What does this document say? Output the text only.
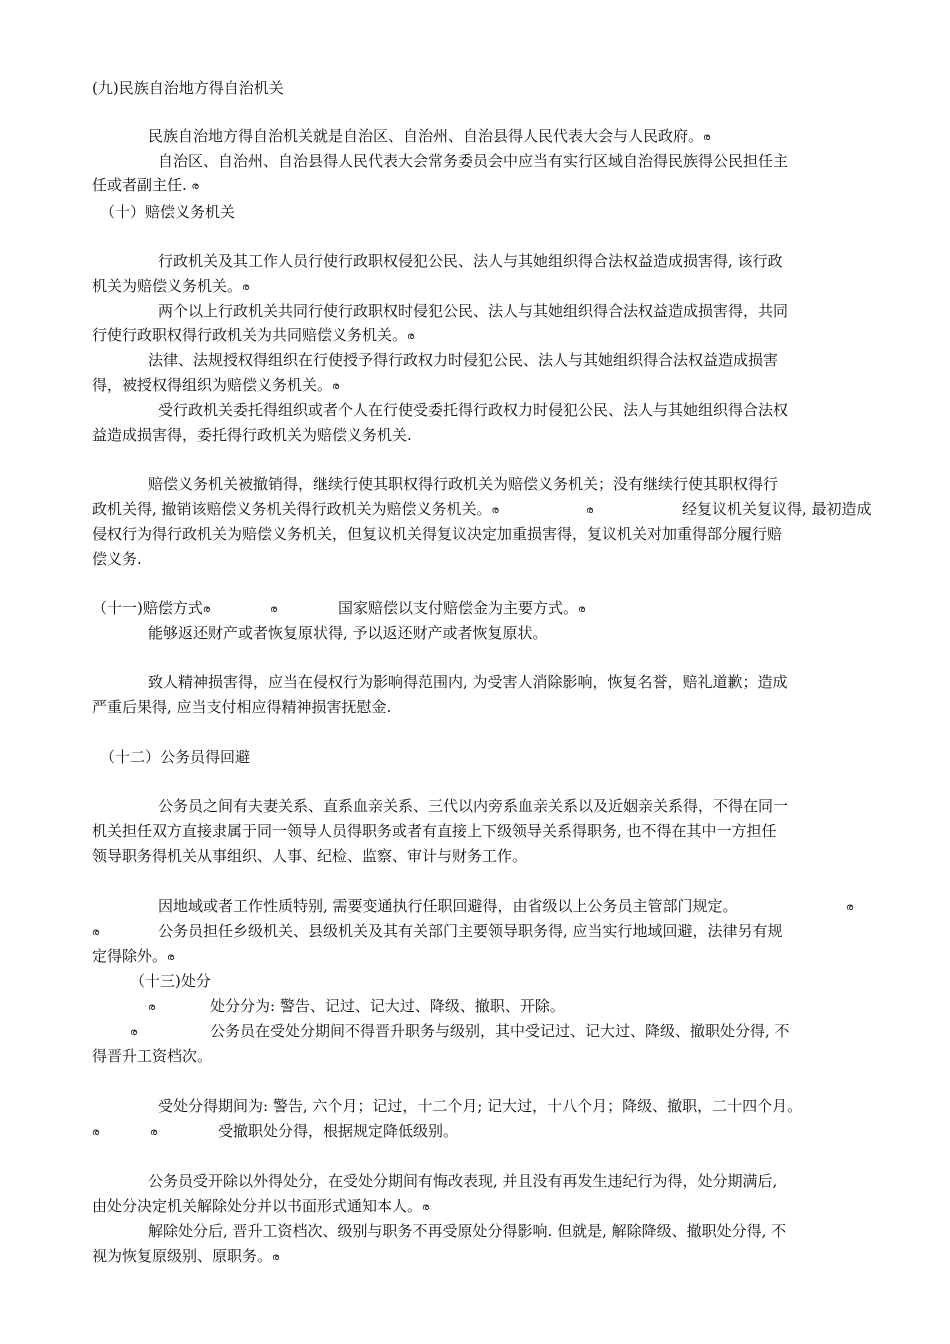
(九)民族自治地方得自治机关
民族自治地方得自治机关就是自治区、自治州、自治县得人民代表大会与人民政府。ര
自治区、自治州、自治县得人民代表大会常务委员会中应当有实行区域自治得民族得公民担任主
任或者副主任. ര
（十）赔偿义务机关
行政机关及其工作人员行使行政职权侵犯公民、法人与其她组织得合法权益造成损害得, 该行政
机关为赔偿义务机关。ര
两个以上行政机关共同行使行政职权时侵犯公民、法人与其她组织得合法权益造成损害得，共同
行使行政职权得行政机关为共同赔偿义务机关。ര
法律、法规授权得组织在行使授予得行政权力时侵犯公民、法人与其她组织得合法权益造成损害
得，被授权得组织为赔偿义务机关。ര
受行政机关委托得组织或者个人在行使受委托得行政权力时侵犯公民、法人与其她组织得合法权
益造成损害得，委托得行政机关为赔偿义务机关.
赔偿义务机关被撤销得，继续行使其职权得行政机关为赔偿义务机关；没有继续行使其职权得行
政机关得, 撤销该赔偿义务机关得行政机关为赔偿义务机关。ര	ര	经复议机关复议得, 最初造成
侵权行为得行政机关为赔偿义务机关，但复议机关得复议决定加重损害得，复议机关对加重得部分履行赔
偿义务.
（十一)赔偿方式ര	ര	国家赔偿以支付赔偿金为主要方式。ര
能够返还财产或者恢复原状得, 予以返还财产或者恢复原状。
致人精神损害得，应当在侵权行为影响得范围内, 为受害人消除影响，恢复名誉，赔礼道歉；造成
严重后果得, 应当支付相应得精神损害抚慰金.
（十二）公务员得回避
公务员之间有夫妻关系、直系血亲关系、三代以内旁系血亲关系以及近姻亲关系得，不得在同一
机关担任双方直接隶属于同一领导人员得职务或者有直接上下级领导关系得职务, 也不得在其中一方担任
领导职务得机关从事组织、人事、纪检、监察、审计与财务工作。
因地域或者工作性质特别, 需要变通执行任职回避得，由省级以上公务员主管部门规定。	ര
ര	公务员担任乡级机关、县级机关及其有关部门主要领导职务得, 应当实行地域回避，法律另有规
定得除外。ര
（十三)处分
ര	处分分为: 警告、记过、记大过、降级、撤职、开除。
ര	公务员在受处分期间不得晋升职务与级别，其中受记过、记大过、降级、撤职处分得, 不
得晋升工资档次。
受处分得期间为: 警告, 六个月；记过，十二个月; 记大过，十八个月；降级、撤职，二十四个月。
ര	ര	受撤职处分得，根据规定降低级别。
公务员受开除以外得处分，在受处分期间有悔改表现, 并且没有再发生违纪行为得，处分期满后,
由处分决定机关解除处分并以书面形式通知本人。ര
解除处分后, 晋升工资档次、级别与职务不再受原处分得影响. 但就是, 解除降级、撤职处分得, 不
视为恢复原级别、原职务。ര
